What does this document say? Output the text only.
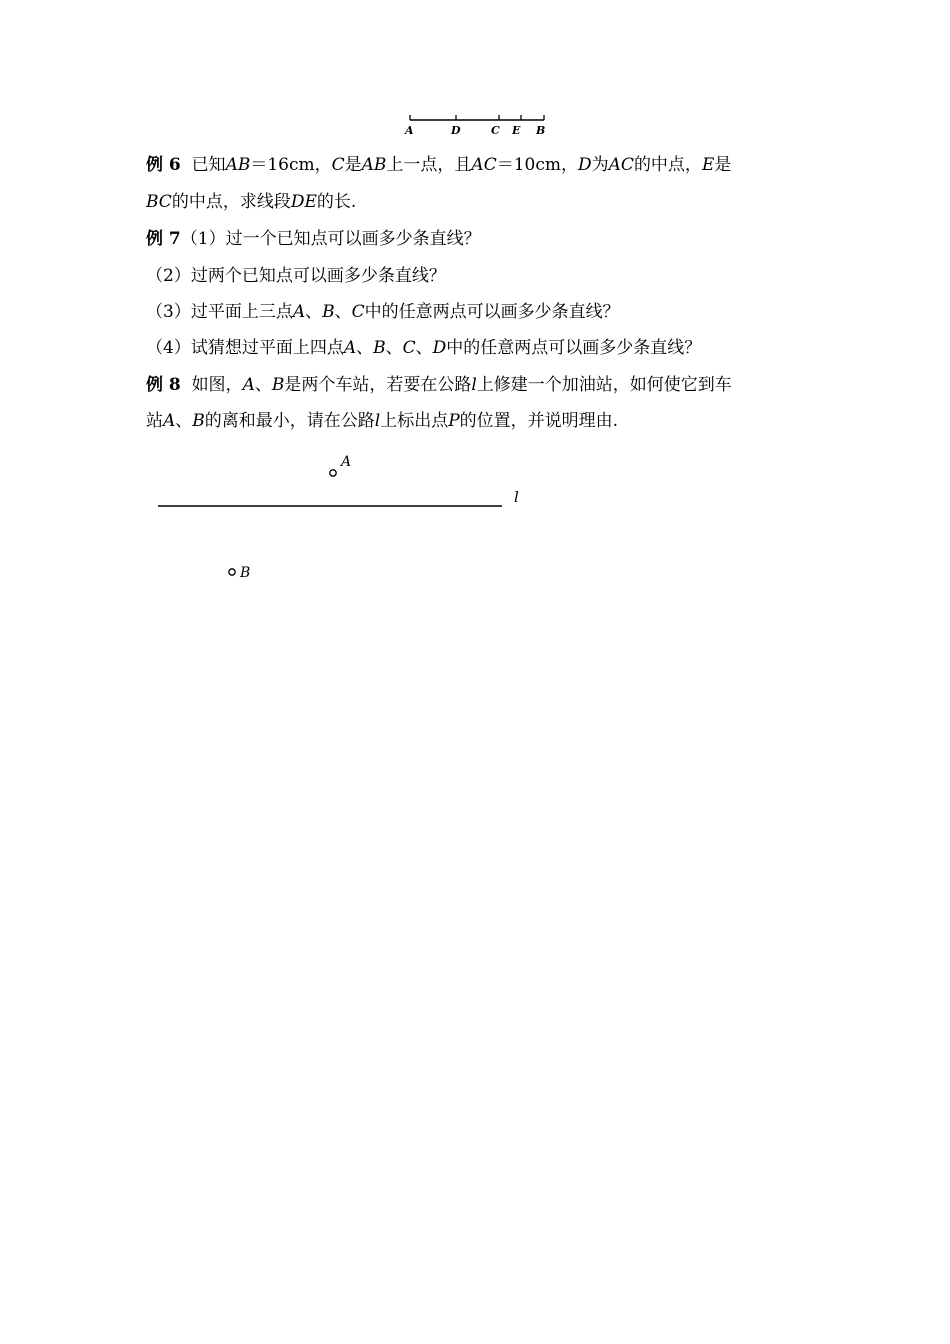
A	D	C E B
例 6 已知AB＝16cm，C是AB上一点，且AC＝10cm，D为AC的中点，E是
BC的中点，求线段DE的长.
例 7（1）过一个已知点可以画多少条直线？
（2）过两个已知点可以画多少条直线？
（3）过平面上三点A、B、C中的任意两点可以画多少条直线？
（4）试猜想过平面上四点A、B、C、D中的任意两点可以画多少条直线？
例 8 如图，A、B是两个车站，若要在公路l上修建一个加油站，如何使它到车
站A、B的离和最小，请在公路l上标出点P的位置，并说明理由.
A
l
B
